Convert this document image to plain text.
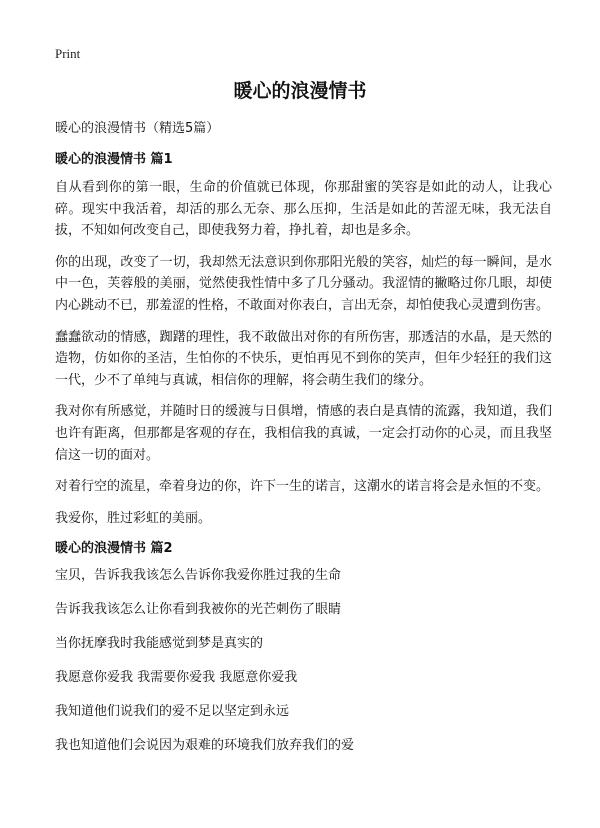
Print
暖心的浪漫情书
暖心的浪漫情书（精选5篇）
暖心的浪漫情书 篇1

自从看到你的第一眼，生命的价值就已体现，你那甜蜜的笑容是如此的动人，让我心碎。现实中我活着，却活的那么无奈、那么压抑，生活是如此的苦涩无味，我无法自拔，不知如何改变自己，即使我努力着，挣扎着，却也是多余。

你的出现，改变了一切，我却然无法意识到你那阳光般的笑容，灿烂的每一瞬间，是水中一色，芙蓉般的美丽，觉然使我性情中多了几分骚动。我涩情的撇略过你几眼，却使内心跳动不已，那羞涩的性格，不敢面对你表白，言出无奈，却怕使我心灵遭到伤害。

蠢蠢欲动的情感，踟躇的理性，我不敢做出对你的有所伤害，那透洁的水晶，是天然的造物，仿如你的圣洁，生怕你的不快乐，更怕再见不到你的笑声，但年少轻狂的我们这一代，少不了单纯与真诚，相信你的理解，将会萌生我们的缘分。

我对你有所感觉，并随时日的缓渡与日俱增，情感的表白是真情的流露，我知道，我们也许有距离，但那都是客观的存在，我相信我的真诚，一定会打动你的心灵，而且我坚信这一切的面对。

对着行空的流星，牵着身边的你，许下一生的诺言，这潮水的诺言将会是永恒的不变。

我爱你，胜过彩虹的美丽。

暖心的浪漫情书 篇2
宝贝，告诉我我该怎么告诉你我爱你胜过我的生命
告诉我我该怎么让你看到我被你的光芒刺伤了眼睛
当你抚摩我时我能感觉到梦是真实的
我愿意你爱我 我需要你爱我 我愿意你爱我
我知道他们说我们的爱不足以坚定到永远
我也知道他们会说因为艰难的环境我们放弃我们的爱
